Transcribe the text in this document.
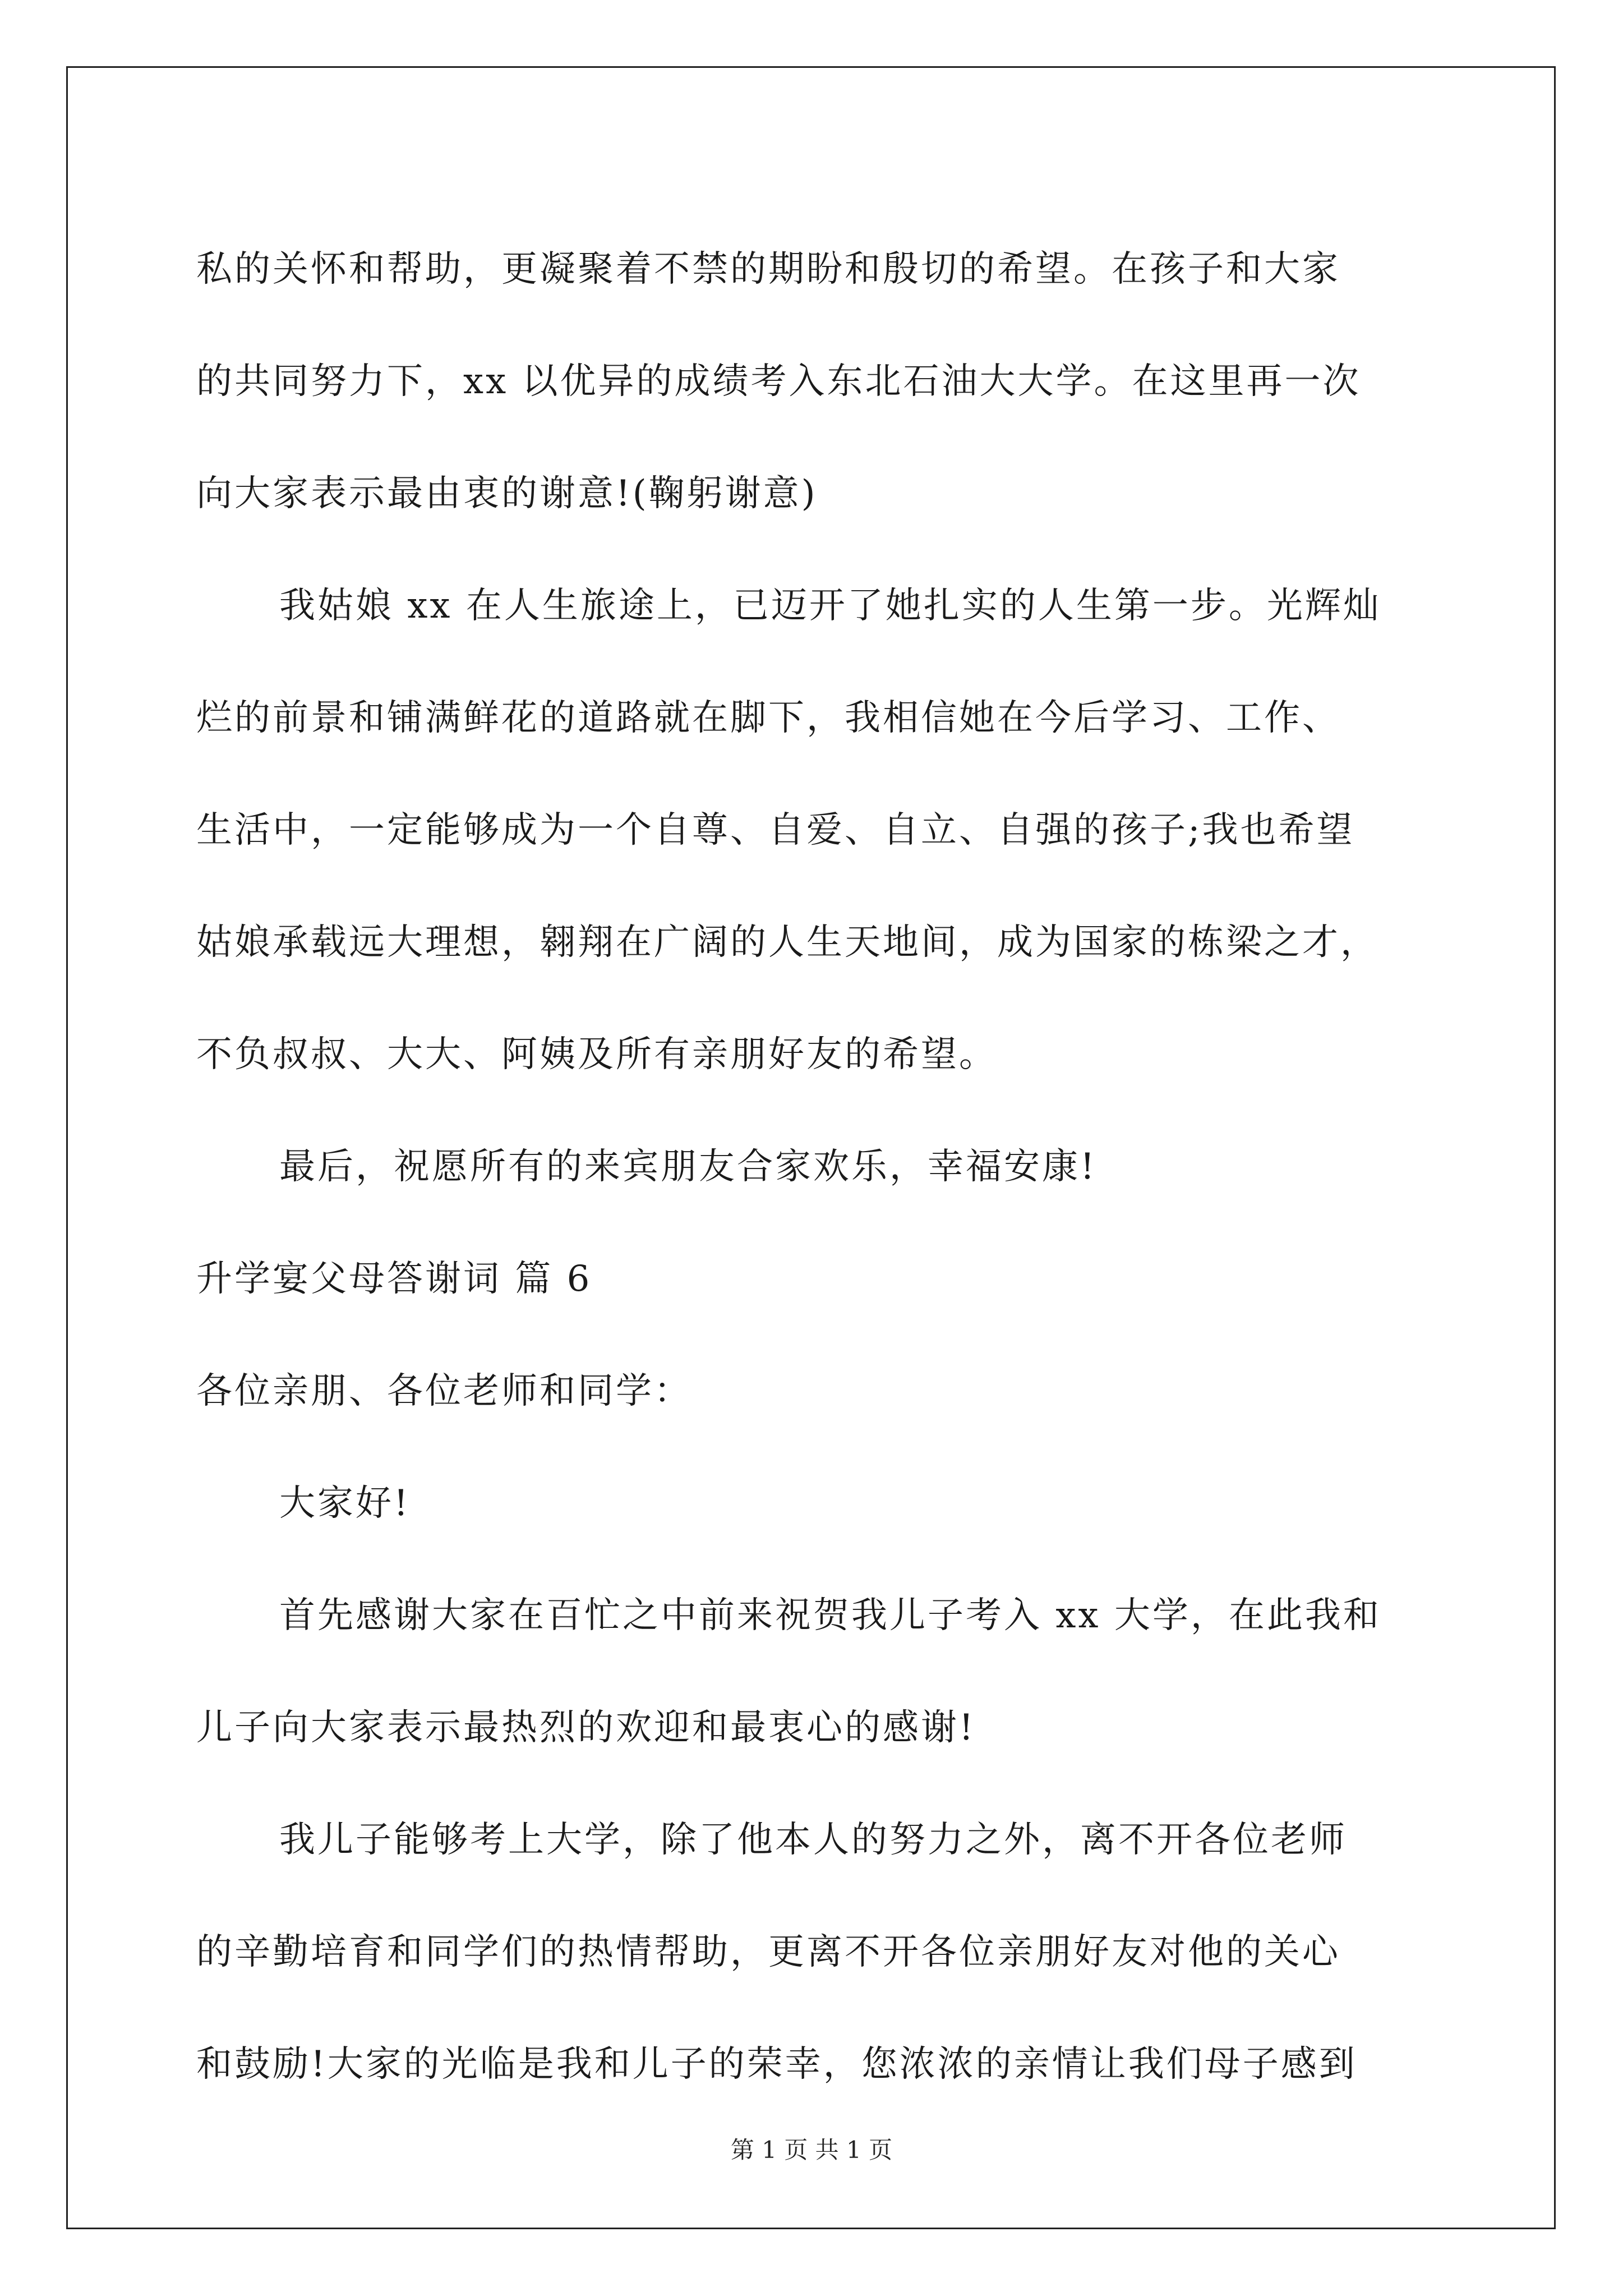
私的关怀和帮助，更凝聚着不禁的期盼和殷切的希望。在孩子和大家
的共同努力下，xx 以优异的成绩考入东北石油大大学。在这里再一次
向大家表示最由衷的谢意!(鞠躬谢意)
我姑娘 xx 在人生旅途上，已迈开了她扎实的人生第一步。光辉灿
烂的前景和铺满鲜花的道路就在脚下，我相信她在今后学习、工作、
生活中，一定能够成为一个自尊、自爱、自立、自强的孩子;我也希望
姑娘承载远大理想，翱翔在广阔的人生天地间，成为国家的栋梁之才，
不负叔叔、大大、阿姨及所有亲朋好友的希望。
最后，祝愿所有的来宾朋友合家欢乐，幸福安康!
升学宴父母答谢词 篇 6
各位亲朋、各位老师和同学：
大家好!
首先感谢大家在百忙之中前来祝贺我儿子考入 xx 大学，在此我和
儿子向大家表示最热烈的欢迎和最衷心的感谢!
我儿子能够考上大学，除了他本人的努力之外，离不开各位老师
的辛勤培育和同学们的热情帮助，更离不开各位亲朋好友对他的关心
和鼓励!大家的光临是我和儿子的荣幸，您浓浓的亲情让我们母子感到
第 1 页 共 1 页
